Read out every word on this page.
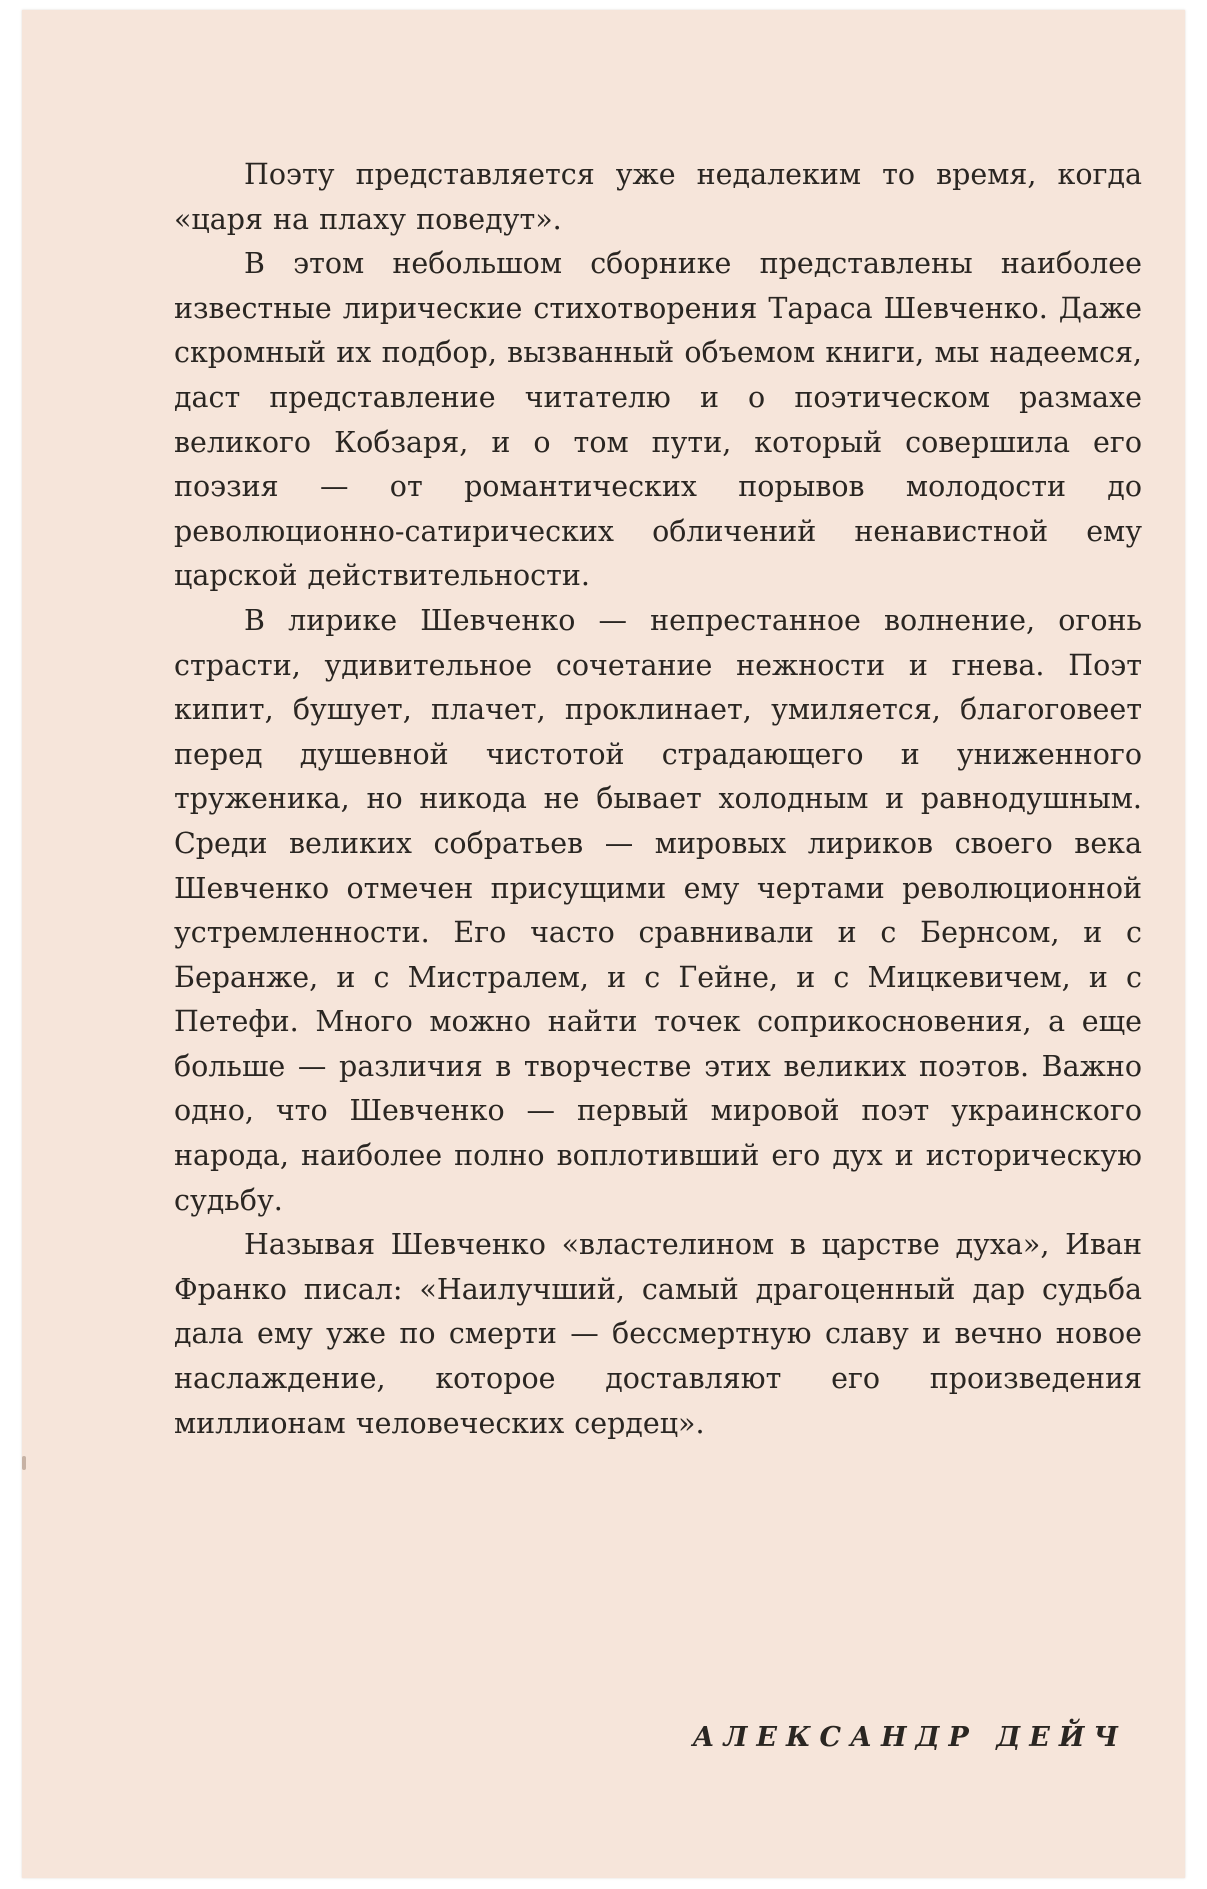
Поэту представляется уже недалеким то время, когда «царя на плаху поведут».

В этом небольшом сборнике представлены наиболее известные лирические стихотворения Тараса Шевченко. Даже скромный их подбор, вызванный объемом книги, мы надеемся, даст представление читателю и о поэтическом размахе великого Кобзаря, и о том пути, который совершила его поэзия — от романтических порывов молодости до революционно-сатирических обличений ненавистной ему царской действительности.

В лирике Шевченко — непрестанное волнение, огонь страсти, удивительное сочетание нежности и гнева. Поэт кипит, бушует, плачет, проклинает, умиляется, благоговеет перед душевной чистотой страдающего и униженного труженика, но никода не бывает холодным и равнодушным. Среди великих собратьев — мировых лириков своего века Шевченко отмечен присущими ему чертами революционной устремленности. Его часто сравнивали и с Бернсом, и с Беранже, и с Мистралем, и с Гейне, и с Мицкевичем, и с Петефи. Много можно найти точек соприкосновения, а еще больше — различия в творчестве этих великих поэтов. Важно одно, что Шевченко — первый мировой поэт украинского народа, наиболее полно воплотивший его дух и историческую судьбу.

Называя Шевченко «властелином в царстве духа», Иван Франко писал: «Наилучший, самый драгоценный дар судьба дала ему уже по смерти — бессмертную славу и вечно новое наслаждение, которое доставляют его произведения миллионам человеческих сердец».

АЛЕКСАНДР ДЕЙЧ
